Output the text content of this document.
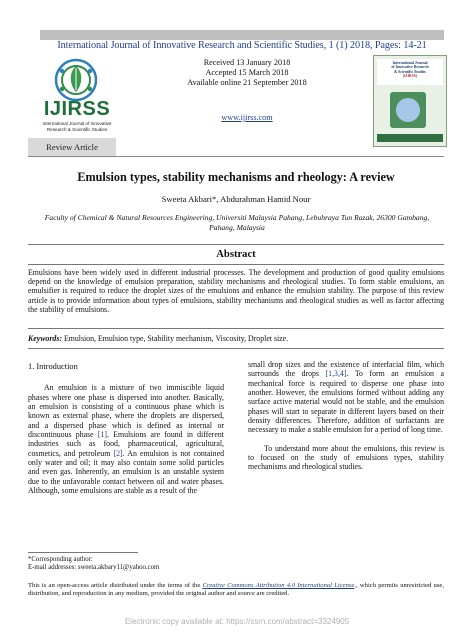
International Journal of Innovative Research and Scientific Studies, 1 (1) 2018, Pages: 14-21
IJIRSS
International Journal of Innovative
Research & Scientific Studies
Received 13 January 2018
Accepted 15 March 2018
Available online 21 September 2018
www.ijirss.com
International Journal
of Innovative Research
& Scientific Studies
(IJIRSS)
Review Article
Emulsion types, stability mechanisms and rheology: A review
Sweeta Akbari*, Abdurahman Hamid Nour
Faculty of Chemical & Natural Resources Engineering, Universiti Malaysia Pahang, Lebuhraya Tun Razak, 26300 Gambang, Pahang, Malaysia
Abstract
Emulsions have been widely used in different industrial processes. The development and production of good quality emulsions depend on the knowledge of emulsion preparation, stability mechanisms and rheological studies. To form stable emulsions, an emulsifier is required to reduce the droplet sizes of the emulsions and enhance the emulsion stability. The purpose of this review article is to provide information about types of emulsions, stability mechanisms and rheological studies as well as factor affecting the stability of emulsions.
Keywords: Emulsion, Emulsion type, Stability mechanism, Viscosity, Droplet size.
1. Introduction
An emulsion is a mixture of two immiscible liquid phases where one phase is dispersed into another. Basically, an emulsion is consisting of a continuous phase which is known as external phase, where the droplets are dispersed, and a dispersed phase which is defined as internal or discontinuous phase [1]. Emulsions are found in different industries such as food, pharmaceutical, agricultural, cosmetics, and petroleum [2]. An emulsion is not contained only water and oil; it may also contain some solid particles and even gas. Inherently, an emulsion is an unstable system due to the unfavorable contact between oil and water phases. Although, some emulsions are stable as a result of the
small drop sizes and the existence of interfacial film, which surrounds the drops [1,3,4]. To form an emulsion a mechanical force is required to disperse one phase into another. However, the emulsions formed without adding any surface active material would not be stable, and the emulsion phases will start to separate in different layers based on their density differences. Therefore, addition of surfactants are necessary to make a stable emulsion for a period of long time.
To understand more about the emulsions, this review is to focused on the study of emulsions types, stability mechanisms and rheological studies.
*Corresponding author:
E-mail addresses: sweeta.akbary11@yahoo.com
This is an open-access article distributed under the terms of the Creative Commons Attribution 4.0 International License., which permits unrestricted use, distribution, and reproduction in any medium, provided the original author and source are credited.
Electronic copy available at: https://ssrn.com/abstract=3324905
